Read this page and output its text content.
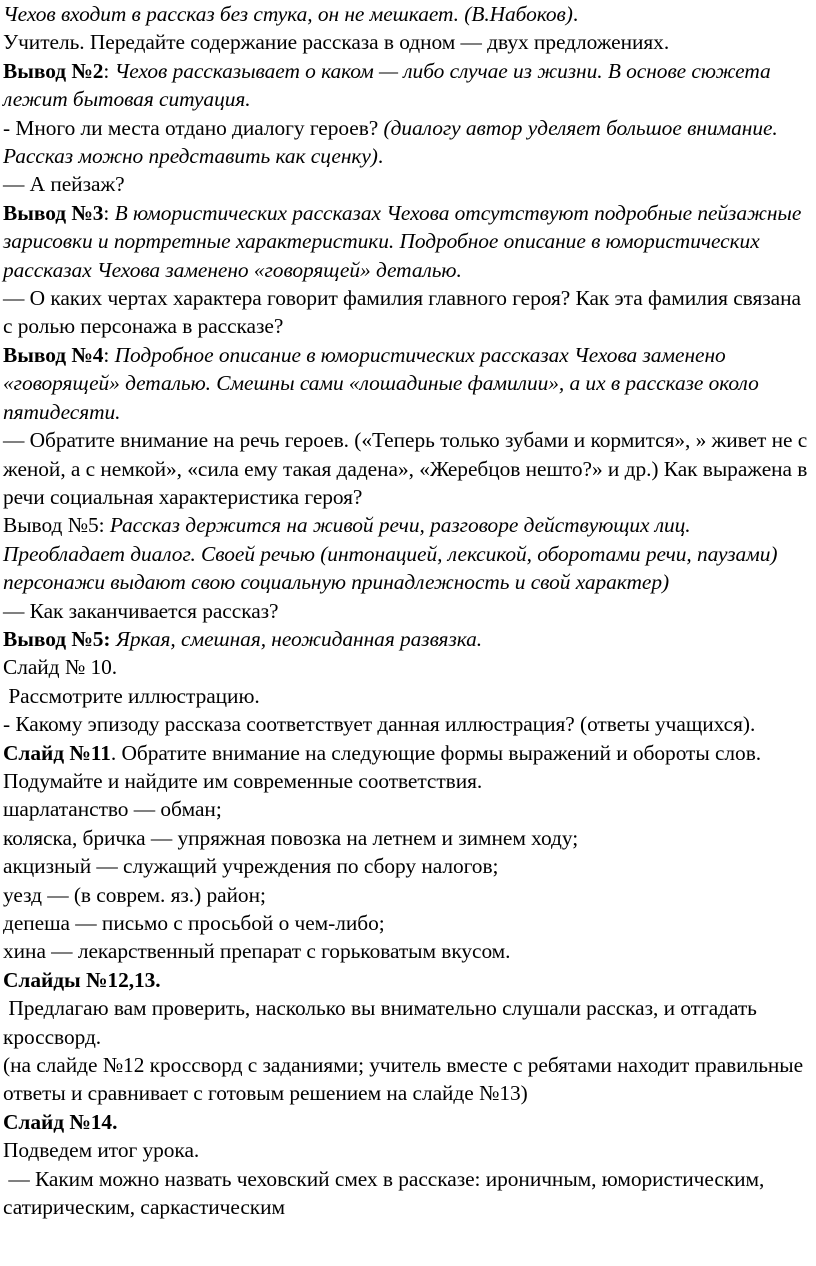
Чехов входит в рассказ без стука, он не мешкает. (В.Набоков).

Учитель. Передайте содержание рассказа в одном — двух предложениях.

Вывод №2: Чехов рассказывает о каком — либо случае из жизни. В основе сюжета лежит бытовая ситуация.

- Много ли места отдано диалогу героев? (диалогу автор уделяет большое внимание. Рассказ можно представить как сценку).

— А пейзаж?

Вывод №3: В юмористических рассказах Чехова отсутствуют подробные пейзажные зарисовки и портретные характеристики. Подробное описание в юмористических рассказах Чехова заменено «говорящей» деталью.

— О каких чертах характера говорит фамилия главного героя? Как эта фамилия связана с ролью персонажа в рассказе?

Вывод №4: Подробное описание в юмористических рассказах Чехова заменено «говорящей» деталью. Смешны сами «лошадиные фамилии», а их в рассказе около пятидесяти.

— Обратите внимание на речь героев. («Теперь только зубами и кормится», » живет не с женой, а с немкой», «сила ему такая дадена», «Жеребцов нешто?» и др.) Как выражена в речи социальная характеристика героя?

Вывод №5: Рассказ держится на живой речи, разговоре действующих лиц. Преобладает диалог. Своей речью (интонацией, лексикой, оборотами речи, паузами) персонажи выдают свою социальную принадлежность и свой характер)

— Как заканчивается рассказ?

Вывод №5: Яркая, смешная, неожиданная развязка.

Слайд № 10.

Рассмотрите иллюстрацию.

- Какому эпизоду рассказа соответствует данная иллюстрация? (ответы учащихся).

Слайд №11. Обратите внимание на следующие формы выражений и обороты слов. Подумайте и найдите им современные соответствия.

шарлатанство — обман;

коляска, бричка — упряжная повозка на летнем и зимнем ходу;

акцизный — служащий учреждения по сбору налогов;

уезд — (в соврем. яз.) район;

депеша — письмо с просьбой о чем-либо;

хина — лекарственный препарат с горьковатым вкусом.

Слайды №12,13.

Предлагаю вам проверить, насколько вы внимательно слушали рассказ, и отгадать кроссворд.

(на слайде №12 кроссворд с заданиями; учитель вместе с ребятами находит правильные ответы и сравнивает с готовым решением на слайде №13)

Слайд №14.

Подведем итог урока.

— Каким можно назвать чеховский смех в рассказе: ироничным, юмористическим, сатирическим, саркастическим
